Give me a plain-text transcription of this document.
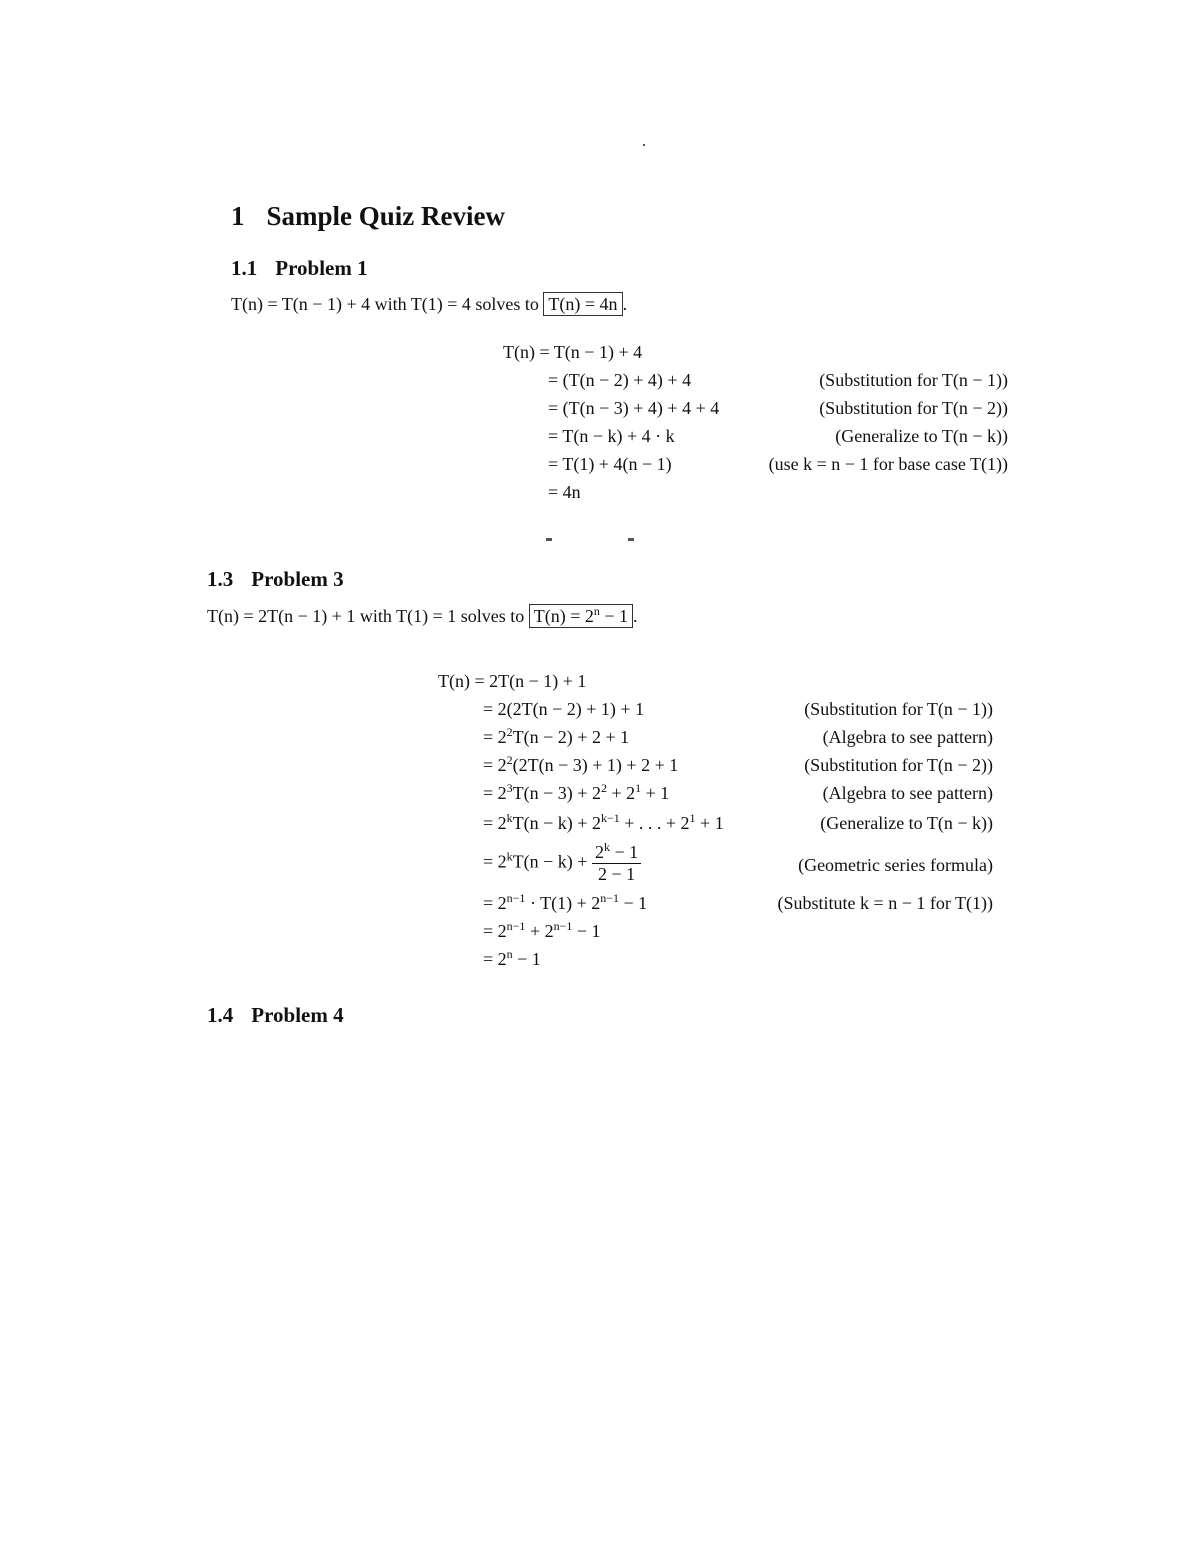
1 Sample Quiz Review
1.1 Problem 1
T(n) = T(n − 1) + 4 with T(1) = 4 solves to T(n) = 4n .
T(n) = T(n − 1) + 4
= (T(n − 2) + 4) + 4	(Substitution for T(n − 1))
= (T(n − 3) + 4) + 4 + 4	(Substitution for T(n − 2))
= T(n − k) + 4 · k	(Generalize to T(n − k))
= T(1) + 4(n − 1)	(use k = n − 1 for base case T(1))
= 4n
1.3 Problem 3
T(n) = 2T(n − 1) + 1 with T(1) = 1 solves to $T(n) = 2^n - 1$ .
T(n) = 2T(n − 1) + 1
= 2(2T(n − 2) + 1) + 1	(Substitution for T(n − 1))
= $2^2T(n - 2) + 2 + 1$	(Algebra to see pattern)
= $2^2(2T(n - 3) + 1) + 2 + 1$	(Substitution for T(n − 2))
= $2^3T(n - 3) + 2^2 + 2^1 + 1$	(Algebra to see pattern)
= $2^kT(n - k) + 2^{k-1}$ + . . . + $2^1 + 1$	(Generalize to T(n − k))
= $2^kT(n - k) + \frac{2^k - 1}{2 - 1}$	(Geometric series formula)
= $2^{n-1} \cdot T(1) + 2^{n-1} - 1$	(Substitute k = n − 1 for T(1))
= $2^{n-1} + 2^{n-1} - 1$
= $2^n - 1$
1.4 Problem 4
